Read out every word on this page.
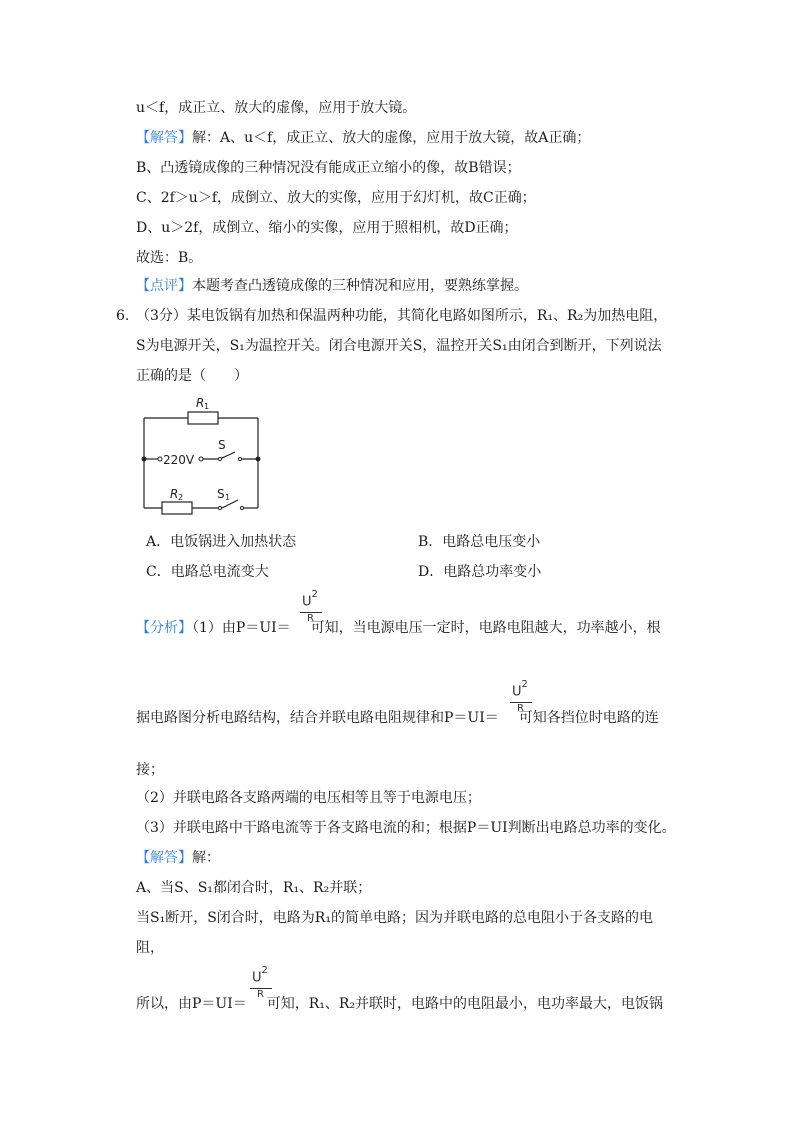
u＜f，成正立、放大的虚像，应用于放大镜。
【解答】解：A、u＜f，成正立、放大的虚像，应用于放大镜，故A正确；
B、凸透镜成像的三种情况没有能成正立缩小的像，故B错误；
C、2f＞u＞f，成倒立、放大的实像，应用于幻灯机，故C正确；
D、u＞2f，成倒立、缩小的实像，应用于照相机，故D正确；
故选：B。
【点评】本题考查凸透镜成像的三种情况和应用，要熟练掌握。
6. （3分）某电饭锅有加热和保温两种功能，其简化电路如图所示，R₁、R₂为加热电阻，
S为电源开关，S₁为温控开关。闭合电源开关S，温控开关S₁由闭合到断开，下列说法
正确的是（　　）
R 1
220V
S
R 2	S 1
A．电饭锅进入加热状态	B．电路总电压变小
C．电路总电流变大	D．电路总功率变小
【分析】（1）由P＝UI＝ 可知，当电源电压一定时，电路电阻越大，功率越小，根
$U^2$
R
据电路图分析电路结构，结合并联电路电阻规律和P＝UI＝ 可知各挡位时电路的连
$U^2$
R
接；
（2）并联电路各支路两端的电压相等且等于电源电压；
（3）并联电路中干路电流等于各支路电流的和；根据P＝UI判断出电路总功率的变化。
【解答】解：
A、当S、S₁都闭合时，R₁、R₂并联；
当S₁断开，S闭合时，电路为R₁的简单电路；因为并联电路的总电阻小于各支路的电
阻，
所以，由P＝UI＝ 可知，R₁、R₂并联时，电路中的电阻最小，电功率最大，电饭锅
$U^2$
R
